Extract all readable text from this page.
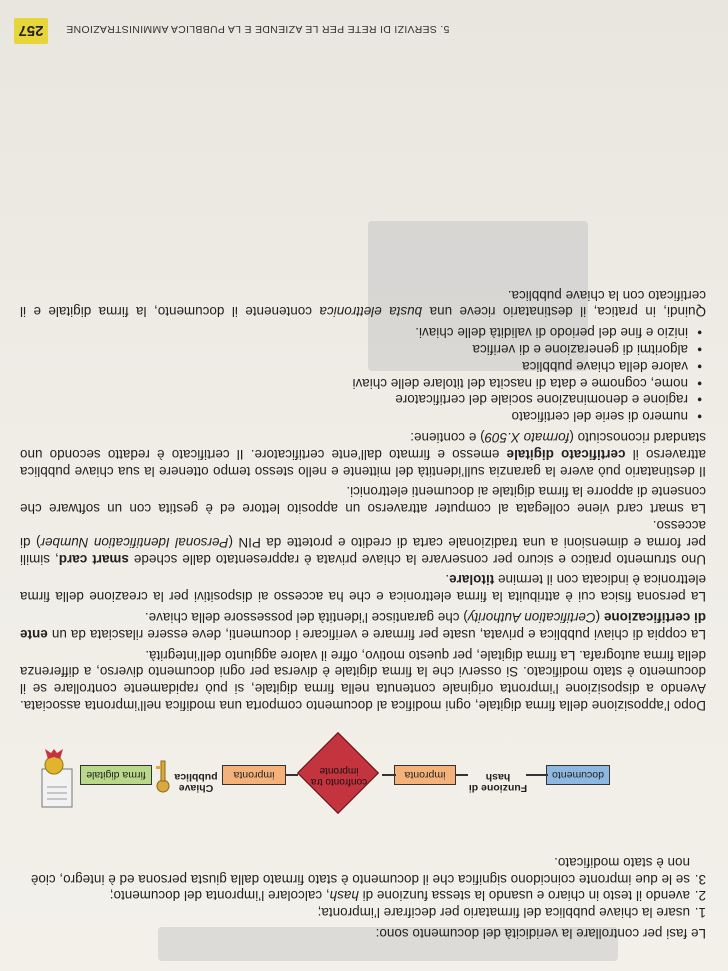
Le fasi per controllare la veridicità del documento sono:

1.
usare la chiave pubblica del firmatario per decifrare l’impronta;
2.
avendo il testo in chiaro e usando la stessa funzione di hash, calcolare l’impronta del documento;
3.
se le due impronte coincidono significa che il documento è stato firmato dalla giusta persona ed è integro, cioè non è stato modificato.
documento
Funzione di hash
impronta
confronto tra impronte
impronta
Chiave pubblica
firma digitale

Dopo l’apposizione della firma digitale, ogni modifica al documento comporta una modifica nell’impronta associata. Avendo a disposizione l’impronta originale contenuta nella firma digitale, si può rapidamente controllare se il documento è stato modificato. Si osservi che la firma digitale è diversa per ogni documento diverso, a differenza della firma autografa. La firma digitale, per questo motivo, offre il valore aggiunto dell’integrità.

La coppia di chiavi pubblica e privata, usate per firmare e verificare i documenti, deve essere rilasciata da un ente di certificazione (Certification Authority) che garantisce l’identità del possessore della chiave.

La persona fisica cui è attribuita la firma elettronica e che ha accesso ai dispositivi per la creazione della firma elettronica è indicata con il termine titolare.

Uno strumento pratico e sicuro per conservare la chiave privata è rappresentato dalle schede smart card, simili per forma e dimensioni a una tradizionale carta di credito e protette da PIN (Personal Identification Number) di accesso.

La smart card viene collegata al computer attraverso un apposito lettore ed è gestita con un software che consente di apporre la firma digitale ai documenti elettronici.

Il destinatario può avere la garanzia sull’identità del mittente e nello stesso tempo ottenere la sua chiave pubblica attraverso il certificato digitale emesso e firmato dall’ente certificatore. Il certificato è redatto secondo uno standard riconosciuto (formato X.509) e contiene:

• numero di serie del certificato
• ragione e denominazione sociale del certificatore
• nome, cognome e data di nascita del titolare delle chiavi
• valore della chiave pubblica
• algoritmi di generazione e di verifica
• inizio e fine del periodo di validità delle chiavi.

Quindi, in pratica, il destinatario riceve una busta elettronica contenente il documento, la firma digitale e il certificato con la chiave pubblica.

5. SERVIZI DI RETE PER LE AZIENDE E LA PUBBLICA AMMINISTRAZIONE
257
